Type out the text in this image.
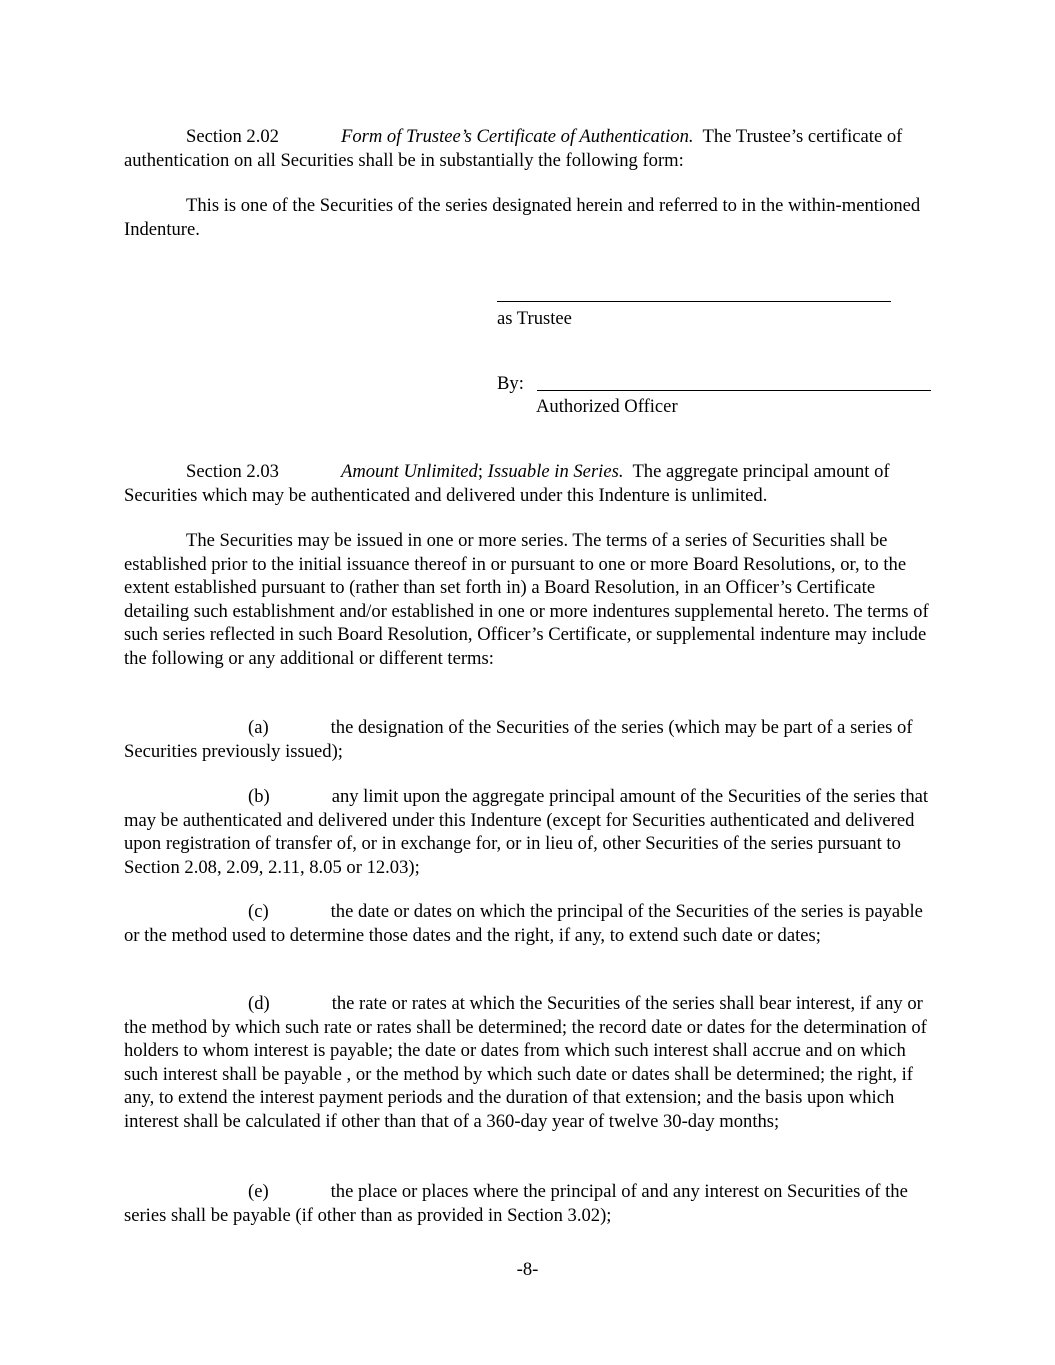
Section 2.02	Form of Trustee’s Certificate of Authentication. The Trustee’s certificate of authentication on all Securities shall be in substantially the following form:

This is one of the Securities of the series designated herein and referred to in the within-mentioned Indenture.

as Trustee
By:
Authorized Officer

Section 2.03	Amount Unlimited; Issuable in Series. The aggregate principal amount of Securities which may be authenticated and delivered under this Indenture is unlimited.

The Securities may be issued in one or more series. The terms of a series of Securities shall be established prior to the initial issuance thereof in or pursuant to one or more Board Resolutions, or, to the extent established pursuant to (rather than set forth in) a Board Resolution, in an Officer’s Certificate detailing such establishment and/or established in one or more indentures supplemental hereto. The terms of such series reflected in such Board Resolution, Officer’s Certificate, or supplemental indenture may include the following or any additional or different terms:

(a)	the designation of the Securities of the series (which may be part of a series of Securities previously issued);

(b)	any limit upon the aggregate principal amount of the Securities of the series that may be authenticated and delivered under this Indenture (except for Securities authenticated and delivered upon registration of transfer of, or in exchange for, or in lieu of, other Securities of the series pursuant to Section 2.08, 2.09, 2.11, 8.05 or 12.03);

(c)	the date or dates on which the principal of the Securities of the series is payable or the method used to determine those dates and the right, if any, to extend such date or dates;

(d)	the rate or rates at which the Securities of the series shall bear interest, if any or the method by which such rate or rates shall be determined; the record date or dates for the determination of holders to whom interest is payable; the date or dates from which such interest shall accrue and on which such interest shall be payable , or the method by which such date or dates shall be determined; the right, if any, to extend the interest payment periods and the duration of that extension; and the basis upon which interest shall be calculated if other than that of a 360-day year of twelve 30-day months;

(e)	the place or places where the principal of and any interest on Securities of the series shall be payable (if other than as provided in Section 3.02);

-8-
